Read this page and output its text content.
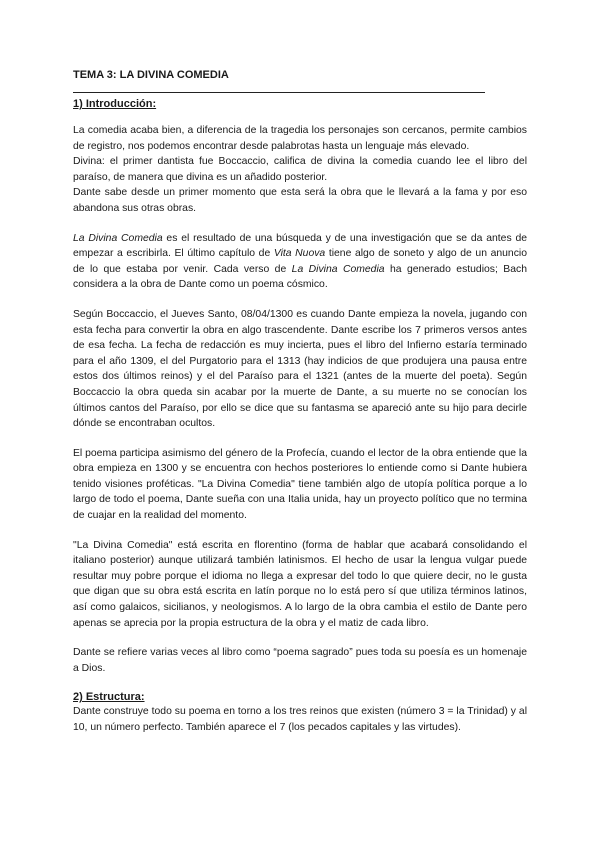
TEMA 3: LA DIVINA COMEDIA
1) Introducción:

La comedia acaba bien, a diferencia de la tragedia los personajes son cercanos, permite cambios de registro, nos podemos encontrar desde palabrotas hasta un lenguaje más elevado.

Divina: el primer dantista fue Boccaccio, califica de divina la comedia cuando lee el libro del paraíso, de manera que divina es un añadido posterior.

Dante sabe desde un primer momento que esta será la obra que le llevará a la fama y por eso abandona sus otras obras.

La Divina Comedia es el resultado de una búsqueda y de una investigación que se da antes de empezar a escribirla. El último capítulo de Vita Nuova tiene algo de soneto y algo de un anuncio de lo que estaba por venir. Cada verso de La Divina Comedia ha generado estudios; Bach considera a la obra de Dante como un poema cósmico.

Según Boccaccio, el Jueves Santo, 08/04/1300 es cuando Dante empieza la novela, jugando con esta fecha para convertir la obra en algo trascendente. Dante escribe los 7 primeros versos antes de esa fecha. La fecha de redacción es muy incierta, pues el libro del Infierno estaría terminado para el año 1309, el del Purgatorio para el 1313 (hay indicios de que produjera una pausa entre estos dos últimos reinos) y el del Paraíso para el 1321 (antes de la muerte del poeta). Según Boccaccio la obra queda sin acabar por la muerte de Dante, a su muerte no se conocían los últimos cantos del Paraíso, por ello se dice que su fantasma se apareció ante su hijo para decirle dónde se encontraban ocultos.

El poema participa asimismo del género de la Profecía, cuando el lector de la obra entiende que la obra empieza en 1300 y se encuentra con hechos posteriores lo entiende como si Dante hubiera tenido visiones proféticas. "La Divina Comedia" tiene también algo de utopía política porque a lo largo de todo el poema, Dante sueña con una Italia unida, hay un proyecto político que no termina de cuajar en la realidad del momento.

"La Divina Comedia" está escrita en florentino (forma de hablar que acabará consolidando el italiano posterior) aunque utilizará también latinismos. El hecho de usar la lengua vulgar puede resultar muy pobre porque el idioma no llega a expresar del todo lo que quiere decir, no le gusta que digan que su obra está escrita en latín porque no lo está pero sí que utiliza términos latinos, así como galaicos, sicilianos, y neologismos. A lo largo de la obra cambia el estilo de Dante pero apenas se aprecia por la propia estructura de la obra y el matiz de cada libro.

Dante se refiere varias veces al libro como “poema sagrado” pues toda su poesía es un homenaje a Dios.

2) Estructura:

Dante construye todo su poema en torno a los tres reinos que existen (número 3 = la Trinidad) y al 10, un número perfecto. También aparece el 7 (los pecados capitales y las virtudes).
